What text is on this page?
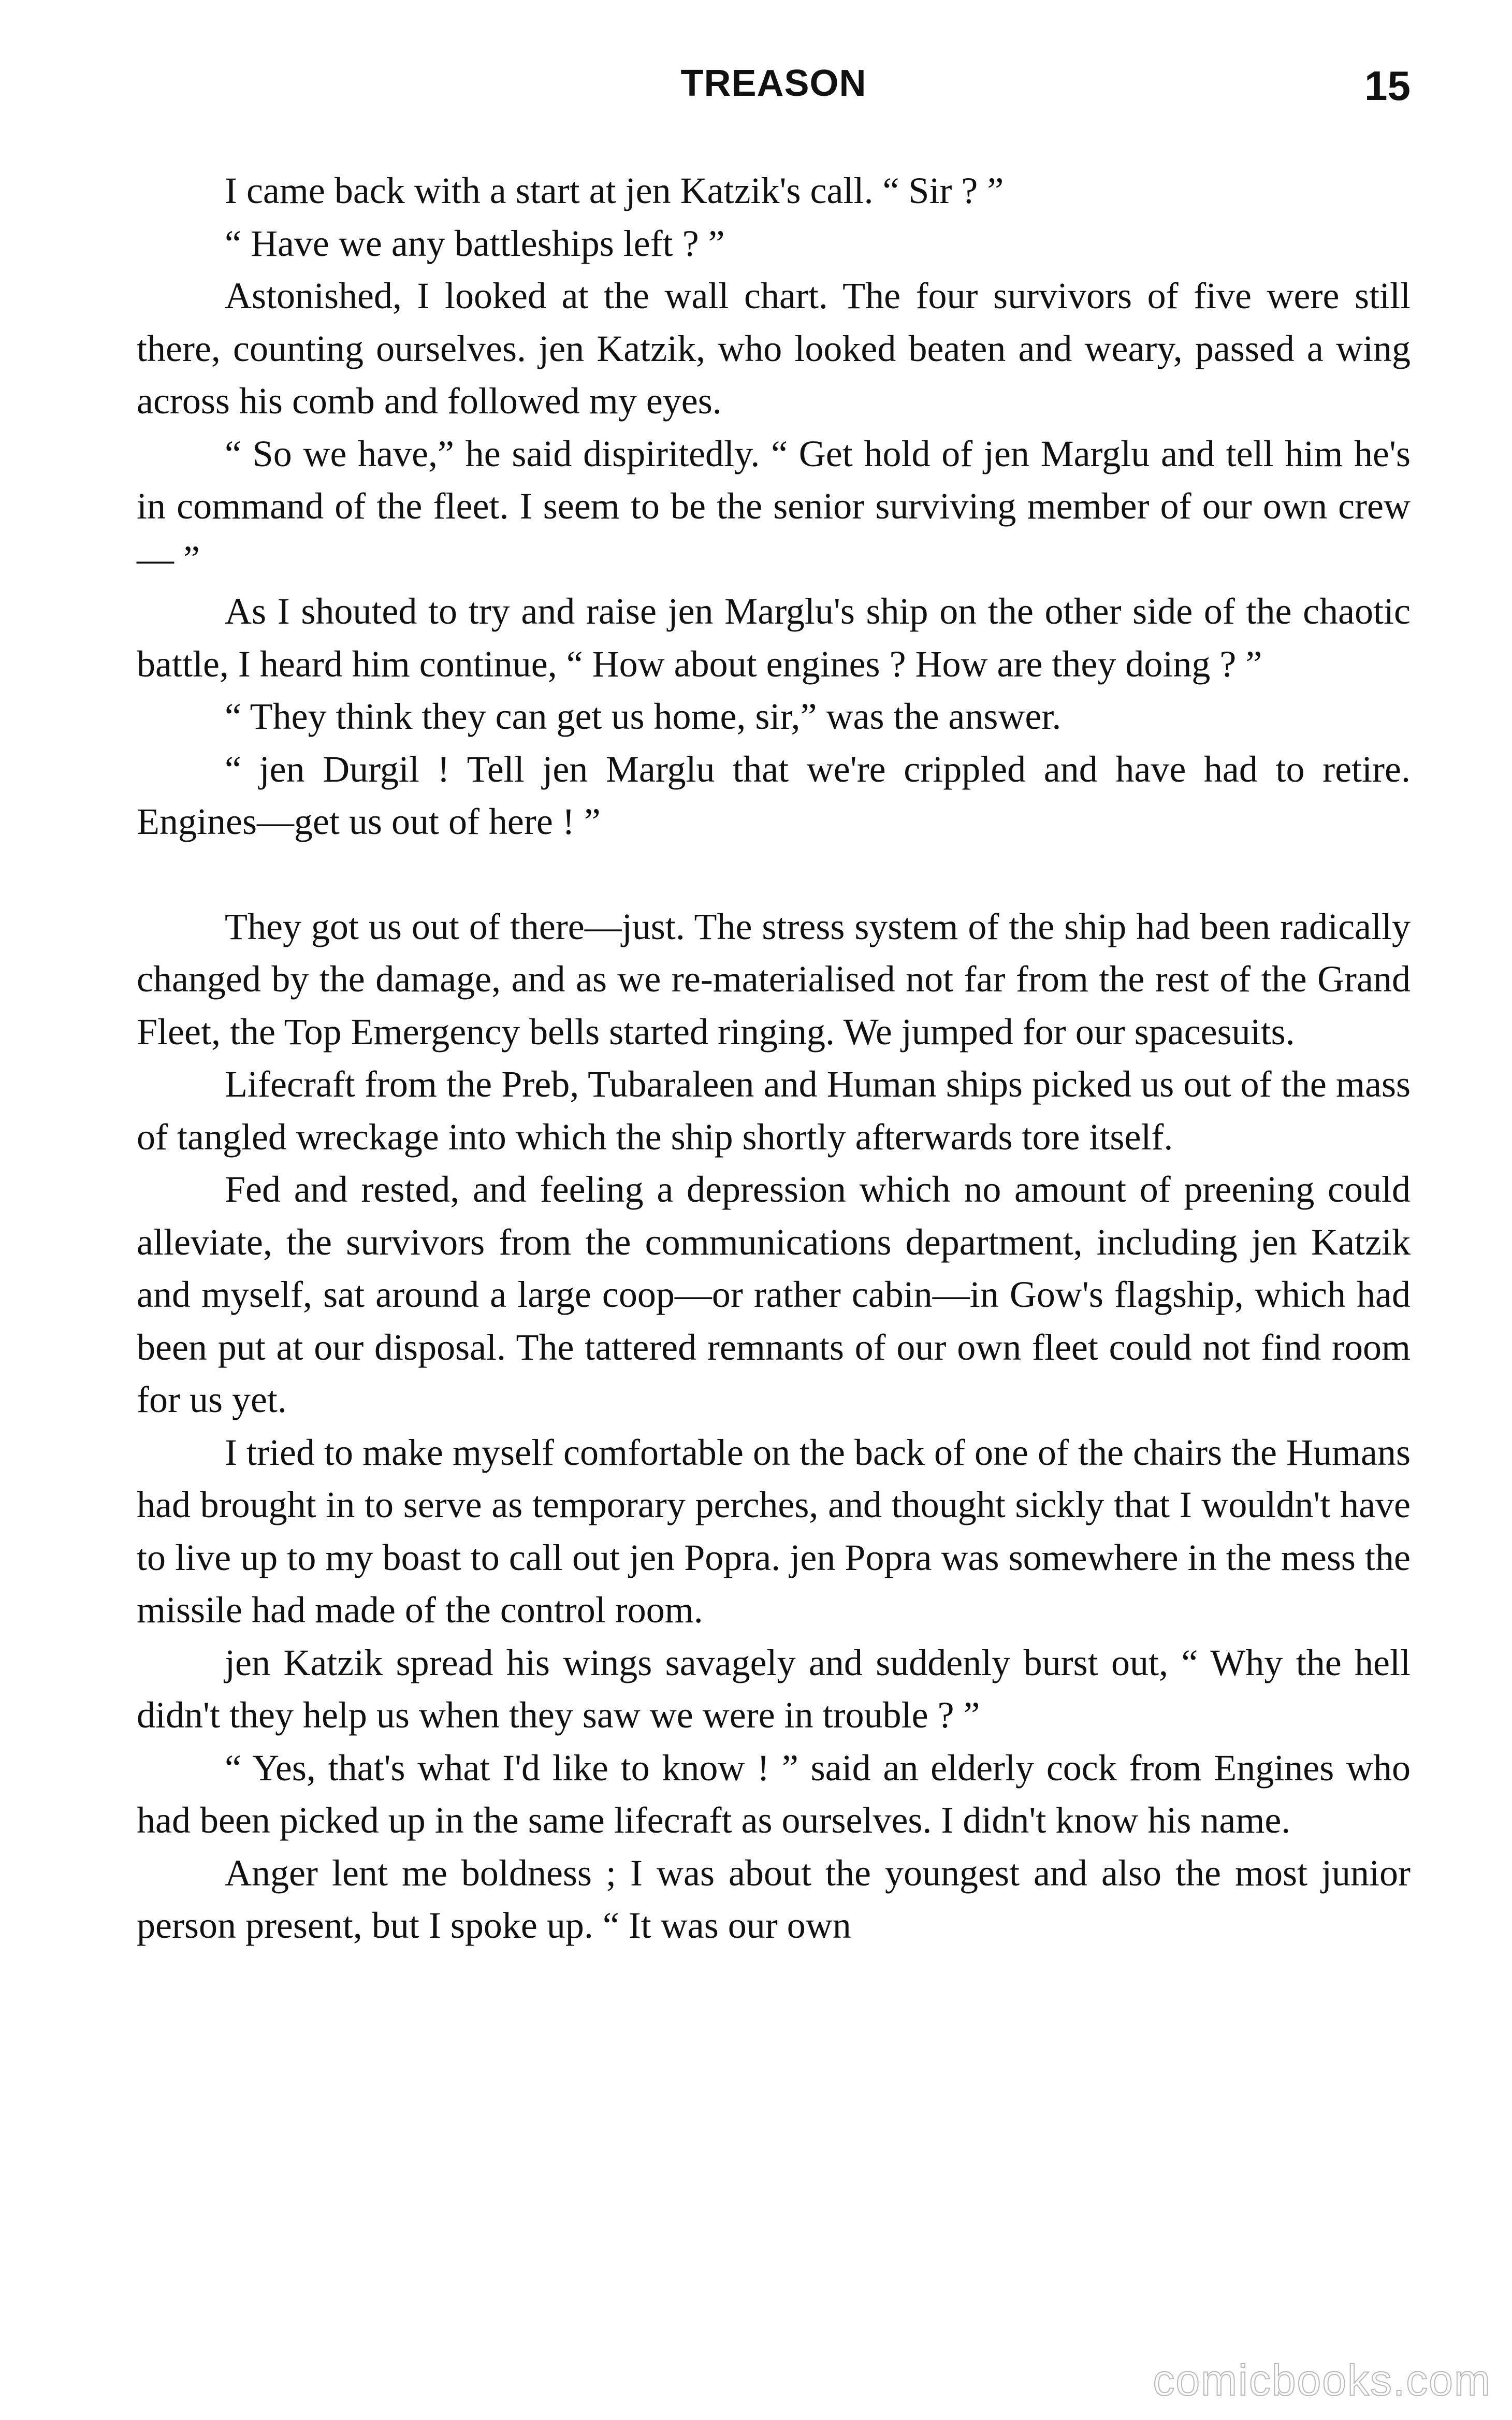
TREASON	15

I came back with a start at jen Katzik's call. “ Sir ? ”

“ Have we any battleships left ? ”

Astonished, I looked at the wall chart. The four survivors of five were still there, counting ourselves. jen Katzik, who looked beaten and weary, passed a wing across his comb and followed my eyes.

“ So we have,” he said dispiritedly. “ Get hold of jen Marglu and tell him he's in command of the fleet. I seem to be the senior surviving member of our own crew— ”

As I shouted to try and raise jen Marglu's ship on the other side of the chaotic battle, I heard him continue, “ How about engines ? How are they doing ? ”

“ They think they can get us home, sir,” was the answer.

“ jen Durgil ! Tell jen Marglu that we're crippled and have had to retire. Engines—get us out of here ! ”

They got us out of there—just. The stress system of the ship had been radically changed by the damage, and as we re-materialised not far from the rest of the Grand Fleet, the Top Emergency bells started ringing. We jumped for our spacesuits.

Lifecraft from the Preb, Tubaraleen and Human ships picked us out of the mass of tangled wreckage into which the ship shortly afterwards tore itself.

Fed and rested, and feeling a depression which no amount of preening could alleviate, the survivors from the communications department, including jen Katzik and myself, sat around a large coop—or rather cabin—in Gow's flagship, which had been put at our disposal. The tattered remnants of our own fleet could not find room for us yet.

I tried to make myself comfortable on the back of one of the chairs the Humans had brought in to serve as temporary perches, and thought sickly that I wouldn't have to live up to my boast to call out jen Popra. jen Popra was somewhere in the mess the missile had made of the control room.

jen Katzik spread his wings savagely and suddenly burst out, “ Why the hell didn't they help us when they saw we were in trouble ? ”

“ Yes, that's what I'd like to know ! ” said an elderly cock from Engines who had been picked up in the same lifecraft as ourselves. I didn't know his name.

Anger lent me boldness ; I was about the youngest and also the most junior person present, but I spoke up. “ It was our own

comicbooks.com
